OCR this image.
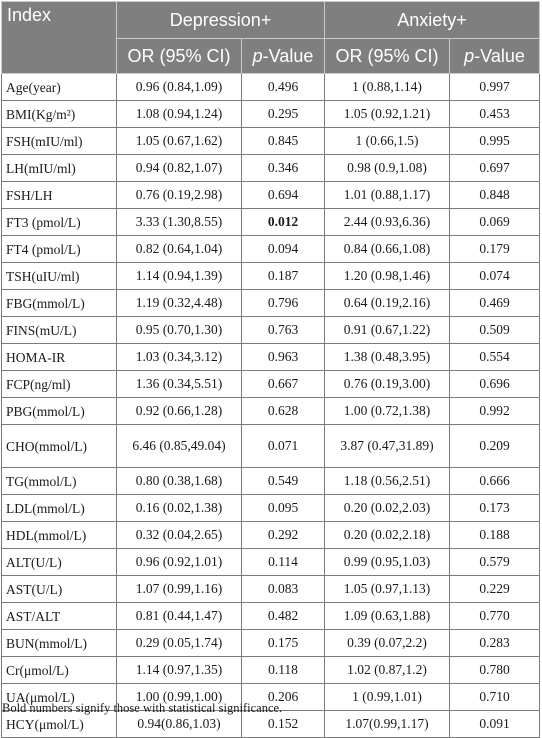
Index	Depression+		Anxiety+	
	OR (95% CI)	p-Value	OR (95% CI)	p-Value
Age(year)	0.96 (0.84,1.09)	0.496	1 (0.88,1.14)	0.997
BMI(Kg/m²)	1.08 (0.94,1.24)	0.295	1.05 (0.92,1.21)	0.453
FSH(mIU/ml)	1.05 (0.67,1.62)	0.845	1 (0.66,1.5)	0.995
LH(mIU/ml)	0.94 (0.82,1.07)	0.346	0.98 (0.9,1.08)	0.697
FSH/LH	0.76 (0.19,2.98)	0.694	1.01 (0.88,1.17)	0.848
FT3 (pmol/L)	3.33 (1.30,8.55)	0.012	2.44 (0.93,6.36)	0.069
FT4 (pmol/L)	0.82 (0.64,1.04)	0.094	0.84 (0.66,1.08)	0.179
TSH(uIU/ml)	1.14 (0.94,1.39)	0.187	1.20 (0.98,1.46)	0.074
FBG(mmol/L)	1.19 (0.32,4.48)	0.796	0.64 (0.19,2.16)	0.469
FINS(mU/L)	0.95 (0.70,1.30)	0.763	0.91 (0.67,1.22)	0.509
HOMA-IR	1.03 (0.34,3.12)	0.963	1.38 (0.48,3.95)	0.554
FCP(ng/ml)	1.36 (0.34,5.51)	0.667	0.76 (0.19,3.00)	0.696
PBG(mmol/L)	0.92 (0.66,1.28)	0.628	1.00 (0.72,1.38)	0.992
CHO(mmol/L)	6.46 (0.85,49.04)	0.071	3.87 (0.47,31.89)	0.209
TG(mmol/L)	0.80 (0.38,1.68)	0.549	1.18 (0.56,2.51)	0.666
LDL(mmol/L)	0.16 (0.02,1.38)	0.095	0.20 (0.02,2.03)	0.173
HDL(mmol/L)	0.32 (0.04,2.65)	0.292	0.20 (0.02,2.18)	0.188
ALT(U/L)	0.96 (0.92,1.01)	0.114	0.99 (0.95,1.03)	0.579
AST(U/L)	1.07 (0.99,1.16)	0.083	1.05 (0.97,1.13)	0.229
AST/ALT	0.81 (0.44,1.47)	0.482	1.09 (0.63,1.88)	0.770
BUN(mmol/L)	0.29 (0.05,1.74)	0.175	0.39 (0.07,2.2)	0.283
Cr(μmol/L)	1.14 (0.97,1.35)	0.118	1.02 (0.87,1.2)	0.780
UA(μmol/L)	1.00 (0.99,1.00)	0.206	1 (0.99,1.01)	0.710
HCY(μmol/L)	0.94(0.86,1.03)	0.152	1.07(0.99,1.17)	0.091
Bold numbers signify those with statistical significance.
